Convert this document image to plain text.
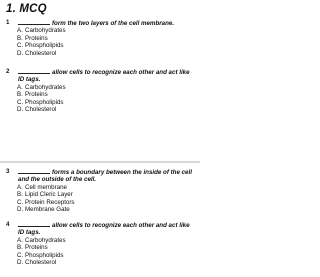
1. MCQ
1	form the two layers of the cell membrane.
A. Carbohydrates
B. Proteins
C. Phospholipids
D. Cholesterol
2	allow cells to recognize each other and act like
ID tags.
A. Carbohydrates
B. Proteins
C. Phospholipids
D. Cholesterol
3	forms a boundary between the inside of the cell
and the outside of the cell.
A. Cell membrane
B. Lipid Cleric Layer
C. Protein Receptors
D. Membrane Gate
4	allow cells to recognize each other and act like
ID tags.
A. Carbohydrates
B. Proteins
C. Phospholipids
D. Cholesterol
